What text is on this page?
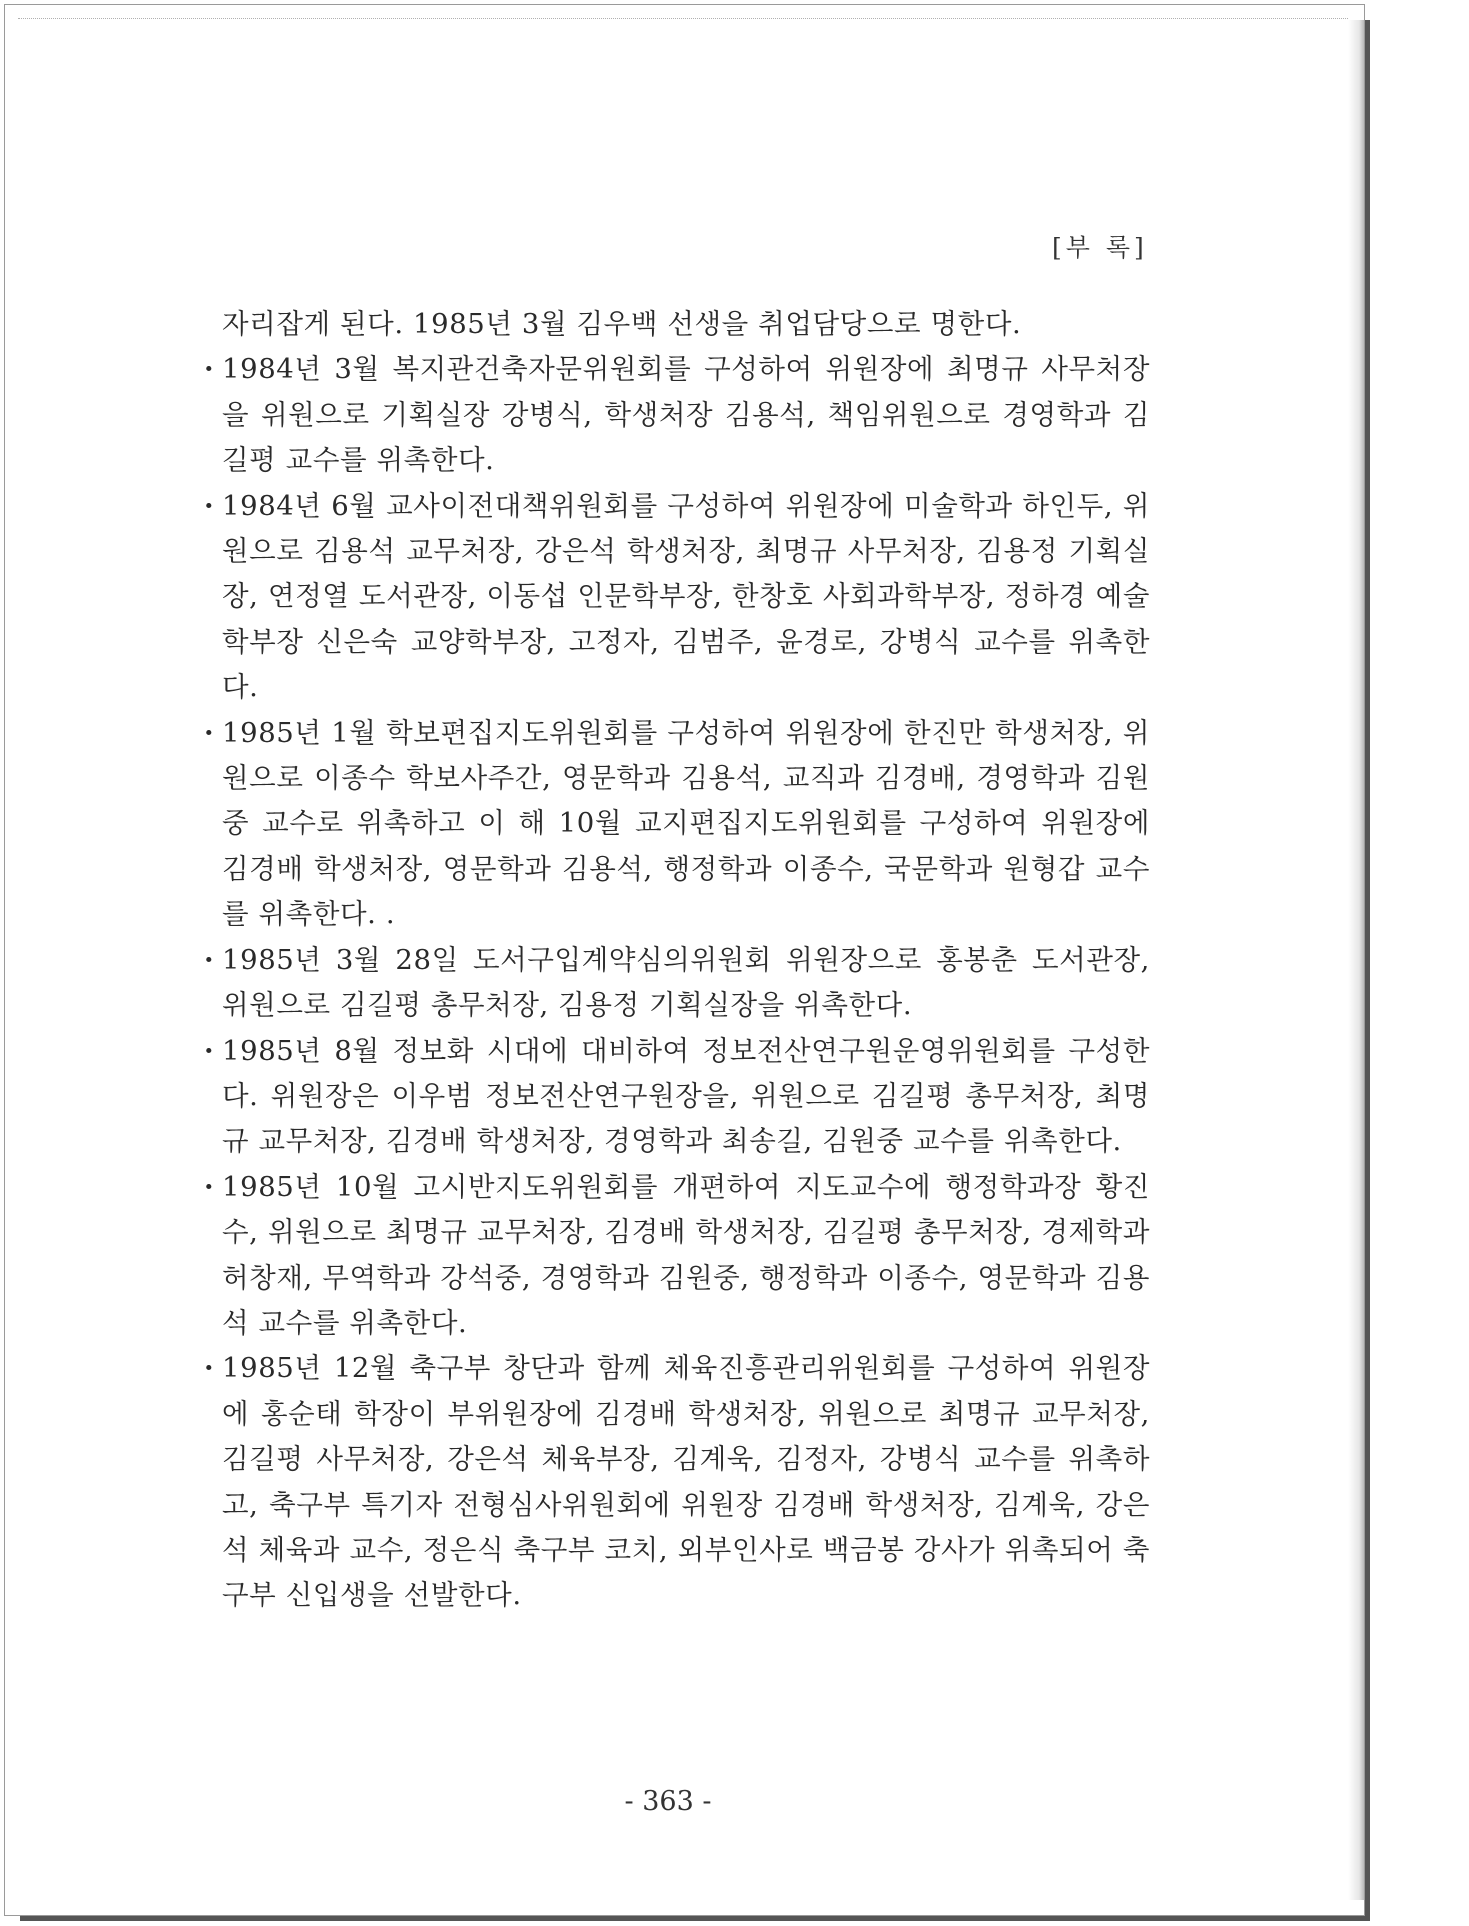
[부 록]

자리잡게 된다. 1985년 3월 김우백 선생을 취업담당으로 명한다.

· 1984년 3월 복지관건축자문위원회를 구성하여 위원장에 최명규 사무처장을 위원으로 기획실장 강병식, 학생처장 김용석, 책임위원으로 경영학과 김길평 교수를 위촉한다.
· 1984년 6월 교사이전대책위원회를 구성하여 위원장에 미술학과 하인두, 위원으로 김용석 교무처장, 강은석 학생처장, 최명규 사무처장, 김용정 기획실장, 연정열 도서관장, 이동섭 인문학부장, 한창호 사회과학부장, 정하경 예술학부장 신은숙 교양학부장, 고정자, 김범주, 윤경로, 강병식 교수를 위촉한다.
· 1985년 1월 학보편집지도위원회를 구성하여 위원장에 한진만 학생처장, 위원으로 이종수 학보사주간, 영문학과 김용석, 교직과 김경배, 경영학과 김원중 교수로 위촉하고 이 해 10월 교지편집지도위원회를 구성하여 위원장에 김경배 학생처장, 영문학과 김용석, 행정학과 이종수, 국문학과 원형갑 교수를 위촉한다. .
· 1985년 3월 28일 도서구입계약심의위원회 위원장으로 홍봉춘 도서관장, 위원으로 김길평 총무처장, 김용정 기획실장을 위촉한다.
· 1985년 8월 정보화 시대에 대비하여 정보전산연구원운영위원회를 구성한다. 위원장은 이우범 정보전산연구원장을, 위원으로 김길평 총무처장, 최명규 교무처장, 김경배 학생처장, 경영학과 최송길, 김원중 교수를 위촉한다.
· 1985년 10월 고시반지도위원회를 개편하여 지도교수에 행정학과장 황진수, 위원으로 최명규 교무처장, 김경배 학생처장, 김길평 총무처장, 경제학과 허창재, 무역학과 강석중, 경영학과 김원중, 행정학과 이종수, 영문학과 김용석 교수를 위촉한다.
· 1985년 12월 축구부 창단과 함께 체육진흥관리위원회를 구성하여 위원장에 홍순태 학장이 부위원장에 김경배 학생처장, 위원으로 최명규 교무처장, 김길평 사무처장, 강은석 체육부장, 김계욱, 김정자, 강병식 교수를 위촉하고, 축구부 특기자 전형심사위원회에 위원장 김경배 학생처장, 김계욱, 강은석 체육과 교수, 정은식 축구부 코치, 외부인사로 백금봉 강사가 위촉되어 축구부 신입생을 선발한다.
- 363 -
